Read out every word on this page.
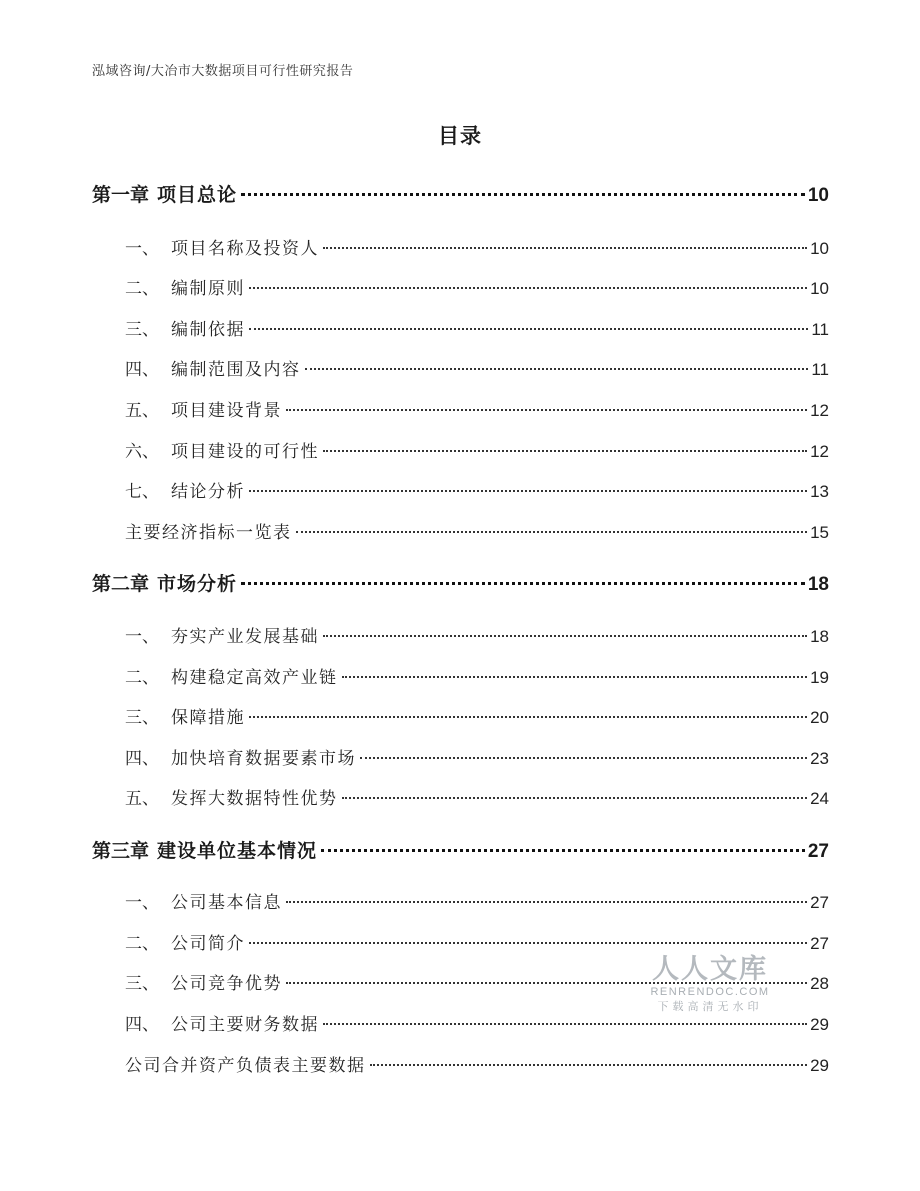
泓域咨询/大冶市大数据项目可行性研究报告
目录
第一章 项目总论	10
一、 项目名称及投资人	10
二、 编制原则	10
三、 编制依据	11
四、 编制范围及内容	11
五、 项目建设背景	12
六、 项目建设的可行性	12
七、 结论分析	13
主要经济指标一览表	15
第二章 市场分析	18
一、 夯实产业发展基础	18
二、 构建稳定高效产业链	19
三、 保障措施	20
四、 加快培育数据要素市场	23
五、 发挥大数据特性优势	24
第三章 建设单位基本情况	27
一、 公司基本信息	27
二、 公司简介	27
三、 公司竞争优势	28
四、 公司主要财务数据	29
公司合并资产负债表主要数据	29
人人文库
RENRENDOC.COM
下载高清无水印
